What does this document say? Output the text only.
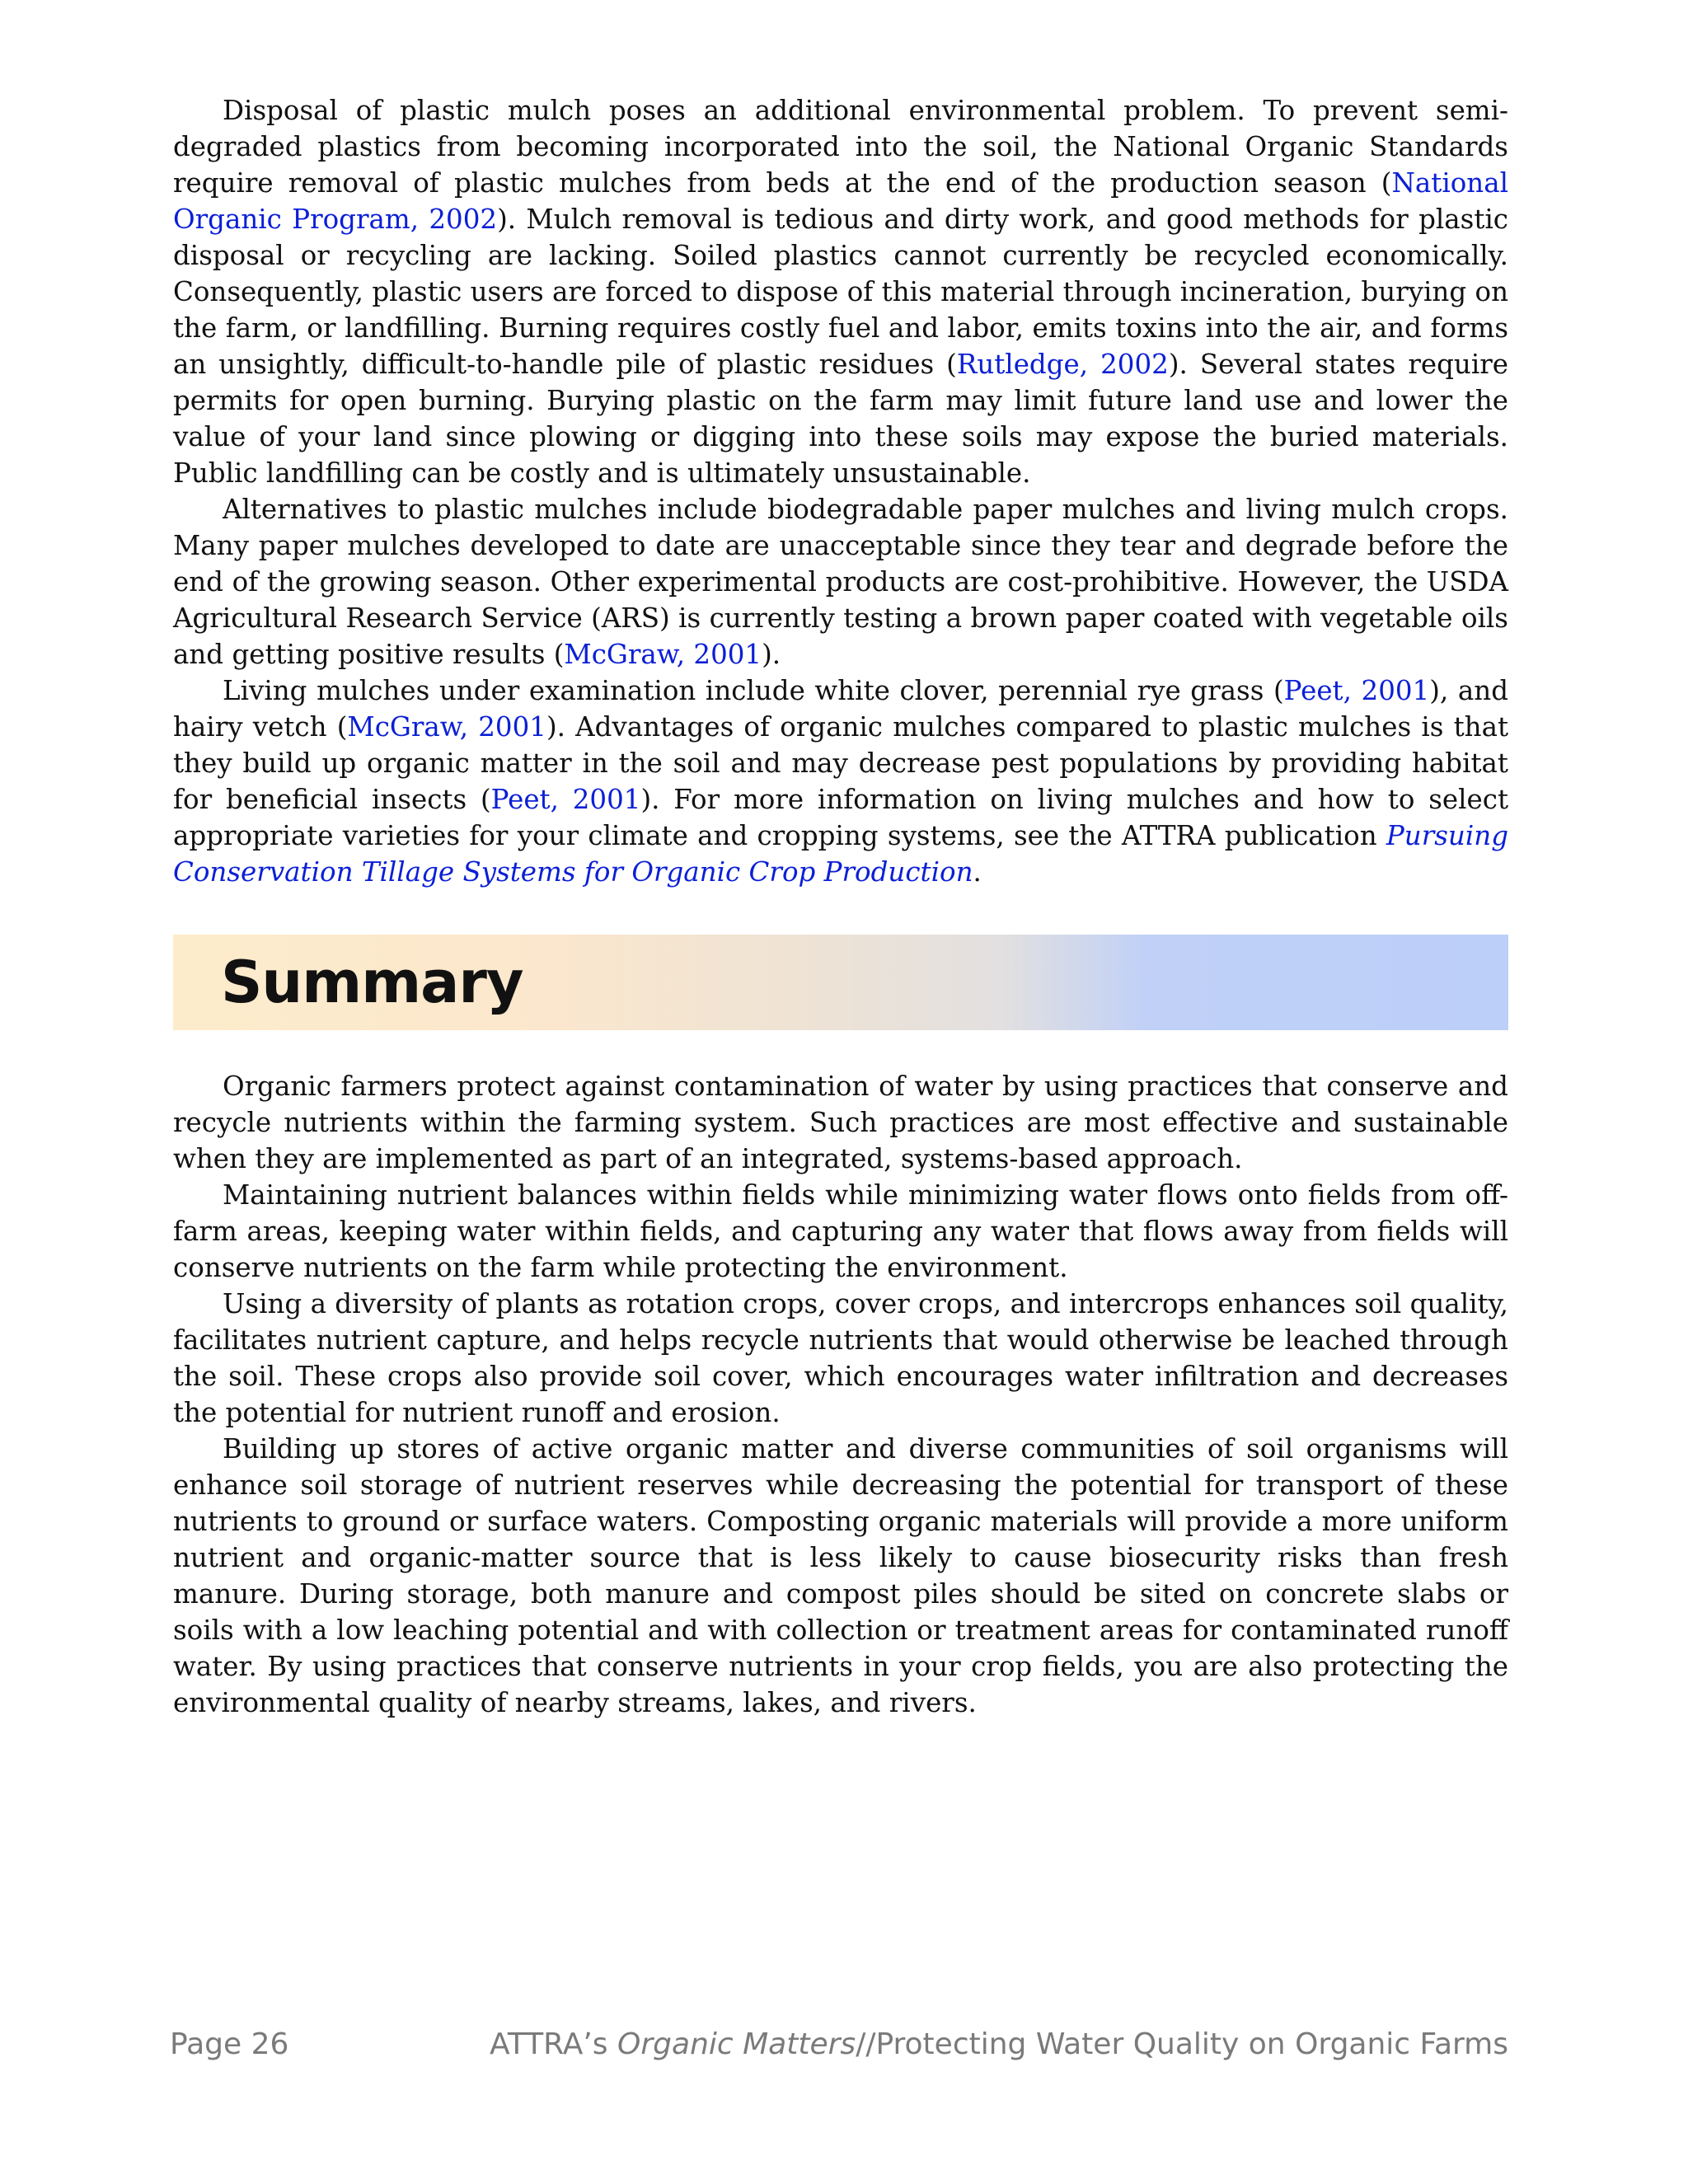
Disposal of plastic mulch poses an additional environmental problem. To prevent semi-degraded plastics from becoming incorporated into the soil, the National Organic Standards require removal of plastic mulches from beds at the end of the production season (National Organic Program, 2002). Mulch removal is tedious and dirty work, and good methods for plastic disposal or recycling are lacking. Soiled plastics cannot currently be recycled economically. Consequently, plastic users are forced to dispose of this material through incineration, burying on the farm, or landfilling. Burning requires costly fuel and labor, emits toxins into the air, and forms an unsightly, difficult-to-handle pile of plastic residues (Rutledge, 2002). Several states require permits for open burning. Burying plastic on the farm may limit future land use and lower the value of your land since plowing or digging into these soils may expose the buried materials. Public landfilling can be costly and is ultimately unsustainable.

Alternatives to plastic mulches include biodegradable paper mulches and living mulch crops. Many paper mulches developed to date are unacceptable since they tear and degrade before the end of the growing season. Other experimental products are cost-prohibitive. However, the USDA Agricultural Research Service (ARS) is currently testing a brown paper coated with vegetable oils and getting positive results (McGraw, 2001).

Living mulches under examination include white clover, perennial rye grass (Peet, 2001), and hairy vetch (McGraw, 2001). Advantages of organic mulches compared to plastic mulches is that they build up organic matter in the soil and may decrease pest populations by providing habitat for beneficial insects (Peet, 2001). For more information on living mulches and how to select appropriate varieties for your climate and cropping systems, see the ATTRA publication Pursuing Conservation Tillage Systems for Organic Crop Production.

Summary

Organic farmers protect against contamination of water by using practices that conserve and recycle nutrients within the farming system. Such practices are most effective and sustainable when they are implemented as part of an integrated, systems-based approach.

Maintaining nutrient balances within fields while minimizing water flows onto fields from off-farm areas, keeping water within fields, and capturing any water that flows away from fields will conserve nutrients on the farm while protecting the environment.

Using a diversity of plants as rotation crops, cover crops, and intercrops enhances soil quality, facilitates nutrient capture, and helps recycle nutrients that would otherwise be leached through the soil. These crops also provide soil cover, which encourages water infiltration and decreases the potential for nutrient runoff and erosion.

Building up stores of active organic matter and diverse communities of soil organisms will enhance soil storage of nutrient reserves while decreasing the potential for transport of these nutrients to ground or surface waters. Composting organic materials will provide a more uniform nutrient and organic-matter source that is less likely to cause biosecurity risks than fresh manure. During storage, both manure and compost piles should be sited on concrete slabs or soils with a low leaching potential and with collection or treatment areas for contaminated runoff water. By using practices that conserve nutrients in your crop fields, you are also protecting the environmental quality of nearby streams, lakes, and rivers.

Page 26	ATTRA’s Organic Matters//Protecting Water Quality on Organic Farms
